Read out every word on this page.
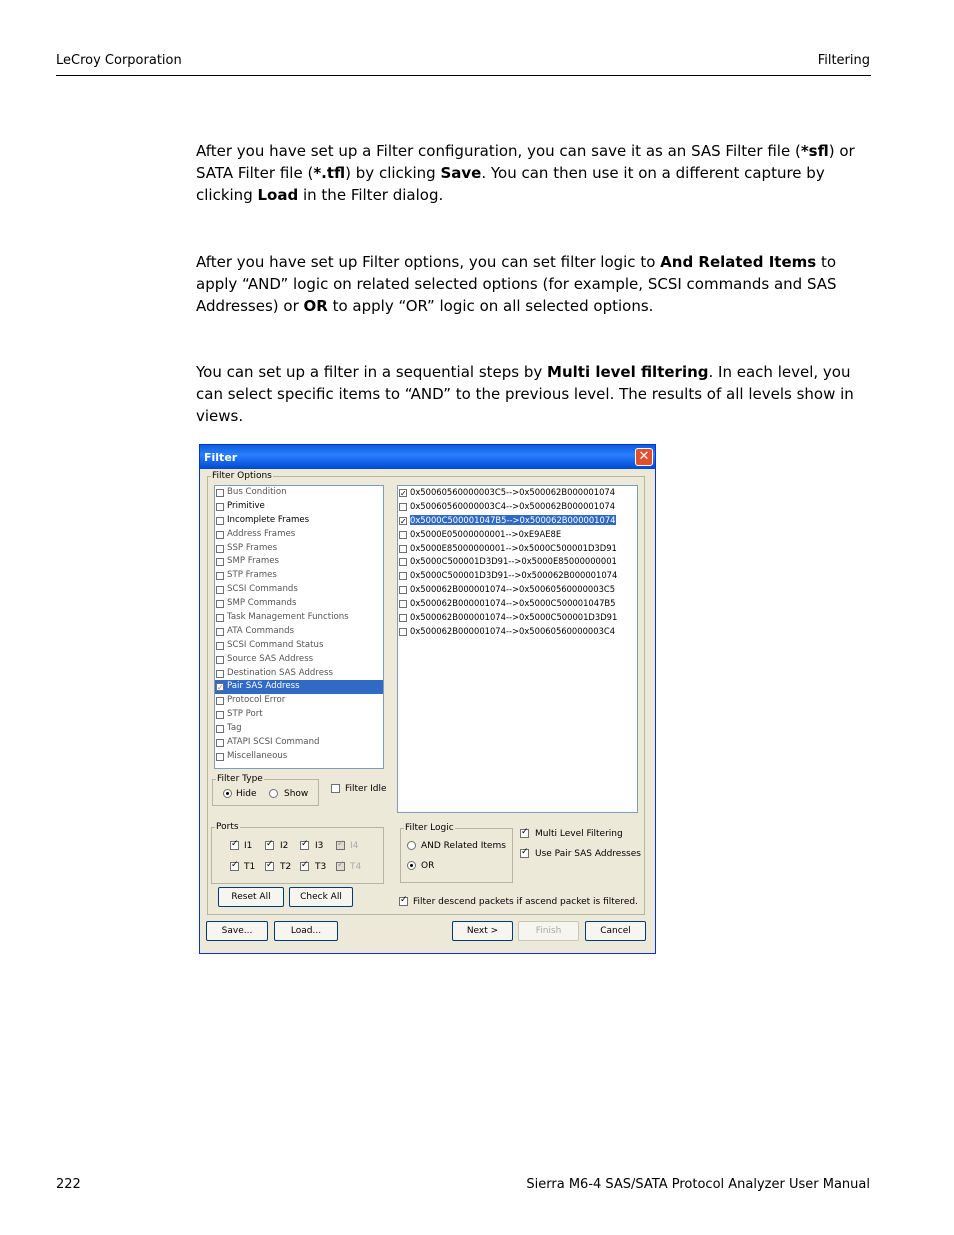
LeCroy Corporation	Filtering
After you have set up a Filter configuration, you can save it as an SAS Filter file (*sfl) or SATA Filter file (*.tfl) by clicking Save. You can then use it on a different capture by clicking Load in the Filter dialog.
After you have set up Filter options, you can set filter logic to And Related Items to apply “AND” logic on related selected options (for example, SCSI commands and SAS Addresses) or OR to apply “OR” logic on all selected options.
You can set up a filter in a sequential steps by Multi level filtering. In each level, you can select specific items to “AND” to the previous level. The results of all levels show in views.
Filter	✕
Filter Options
Bus Condition
Primitive
Incomplete Frames
Address Frames
SSP Frames
SMP Frames
STP Frames
SCSI Commands
SMP Commands
Task Management Functions
ATA Commands
SCSI Command Status
Source SAS Address
Destination SAS Address
✓
Pair SAS Address
Protocol Error
STP Port
Tag
ATAPI SCSI Command
Miscellaneous
✓
0x50060560000003C5-->0x500062B000001074
0x50060560000003C4-->0x500062B000001074
✓
0x5000C500001047B5-->0x500062B000001074
0x5000E05000000001-->0xE9AE8E
0x5000E85000000001-->0x5000C500001D3D91
0x5000C500001D3D91-->0x5000E85000000001
0x5000C500001D3D91-->0x500062B000001074
0x500062B000001074-->0x50060560000003C5
0x500062B000001074-->0x5000C500001047B5
0x500062B000001074-->0x5000C500001D3D91
0x500062B000001074-->0x50060560000003C4
Filter Type
Hide	Show	Filter Idle
Ports
✓
I1 ✓	I2 ✓	I3 ✓	I4
✓
T1 ✓	T2 ✓	T3 ✓	T4
Filter Logic
AND Related Items
OR
✓
Multi Level Filtering
✓
Use Pair SAS Addresses
Reset All	Check All ✓	Filter descend packets if ascend packet is filtered.
Save...	Load...	Next >	Finish	Cancel
222	Sierra M6-4 SAS/SATA Protocol Analyzer User Manual
